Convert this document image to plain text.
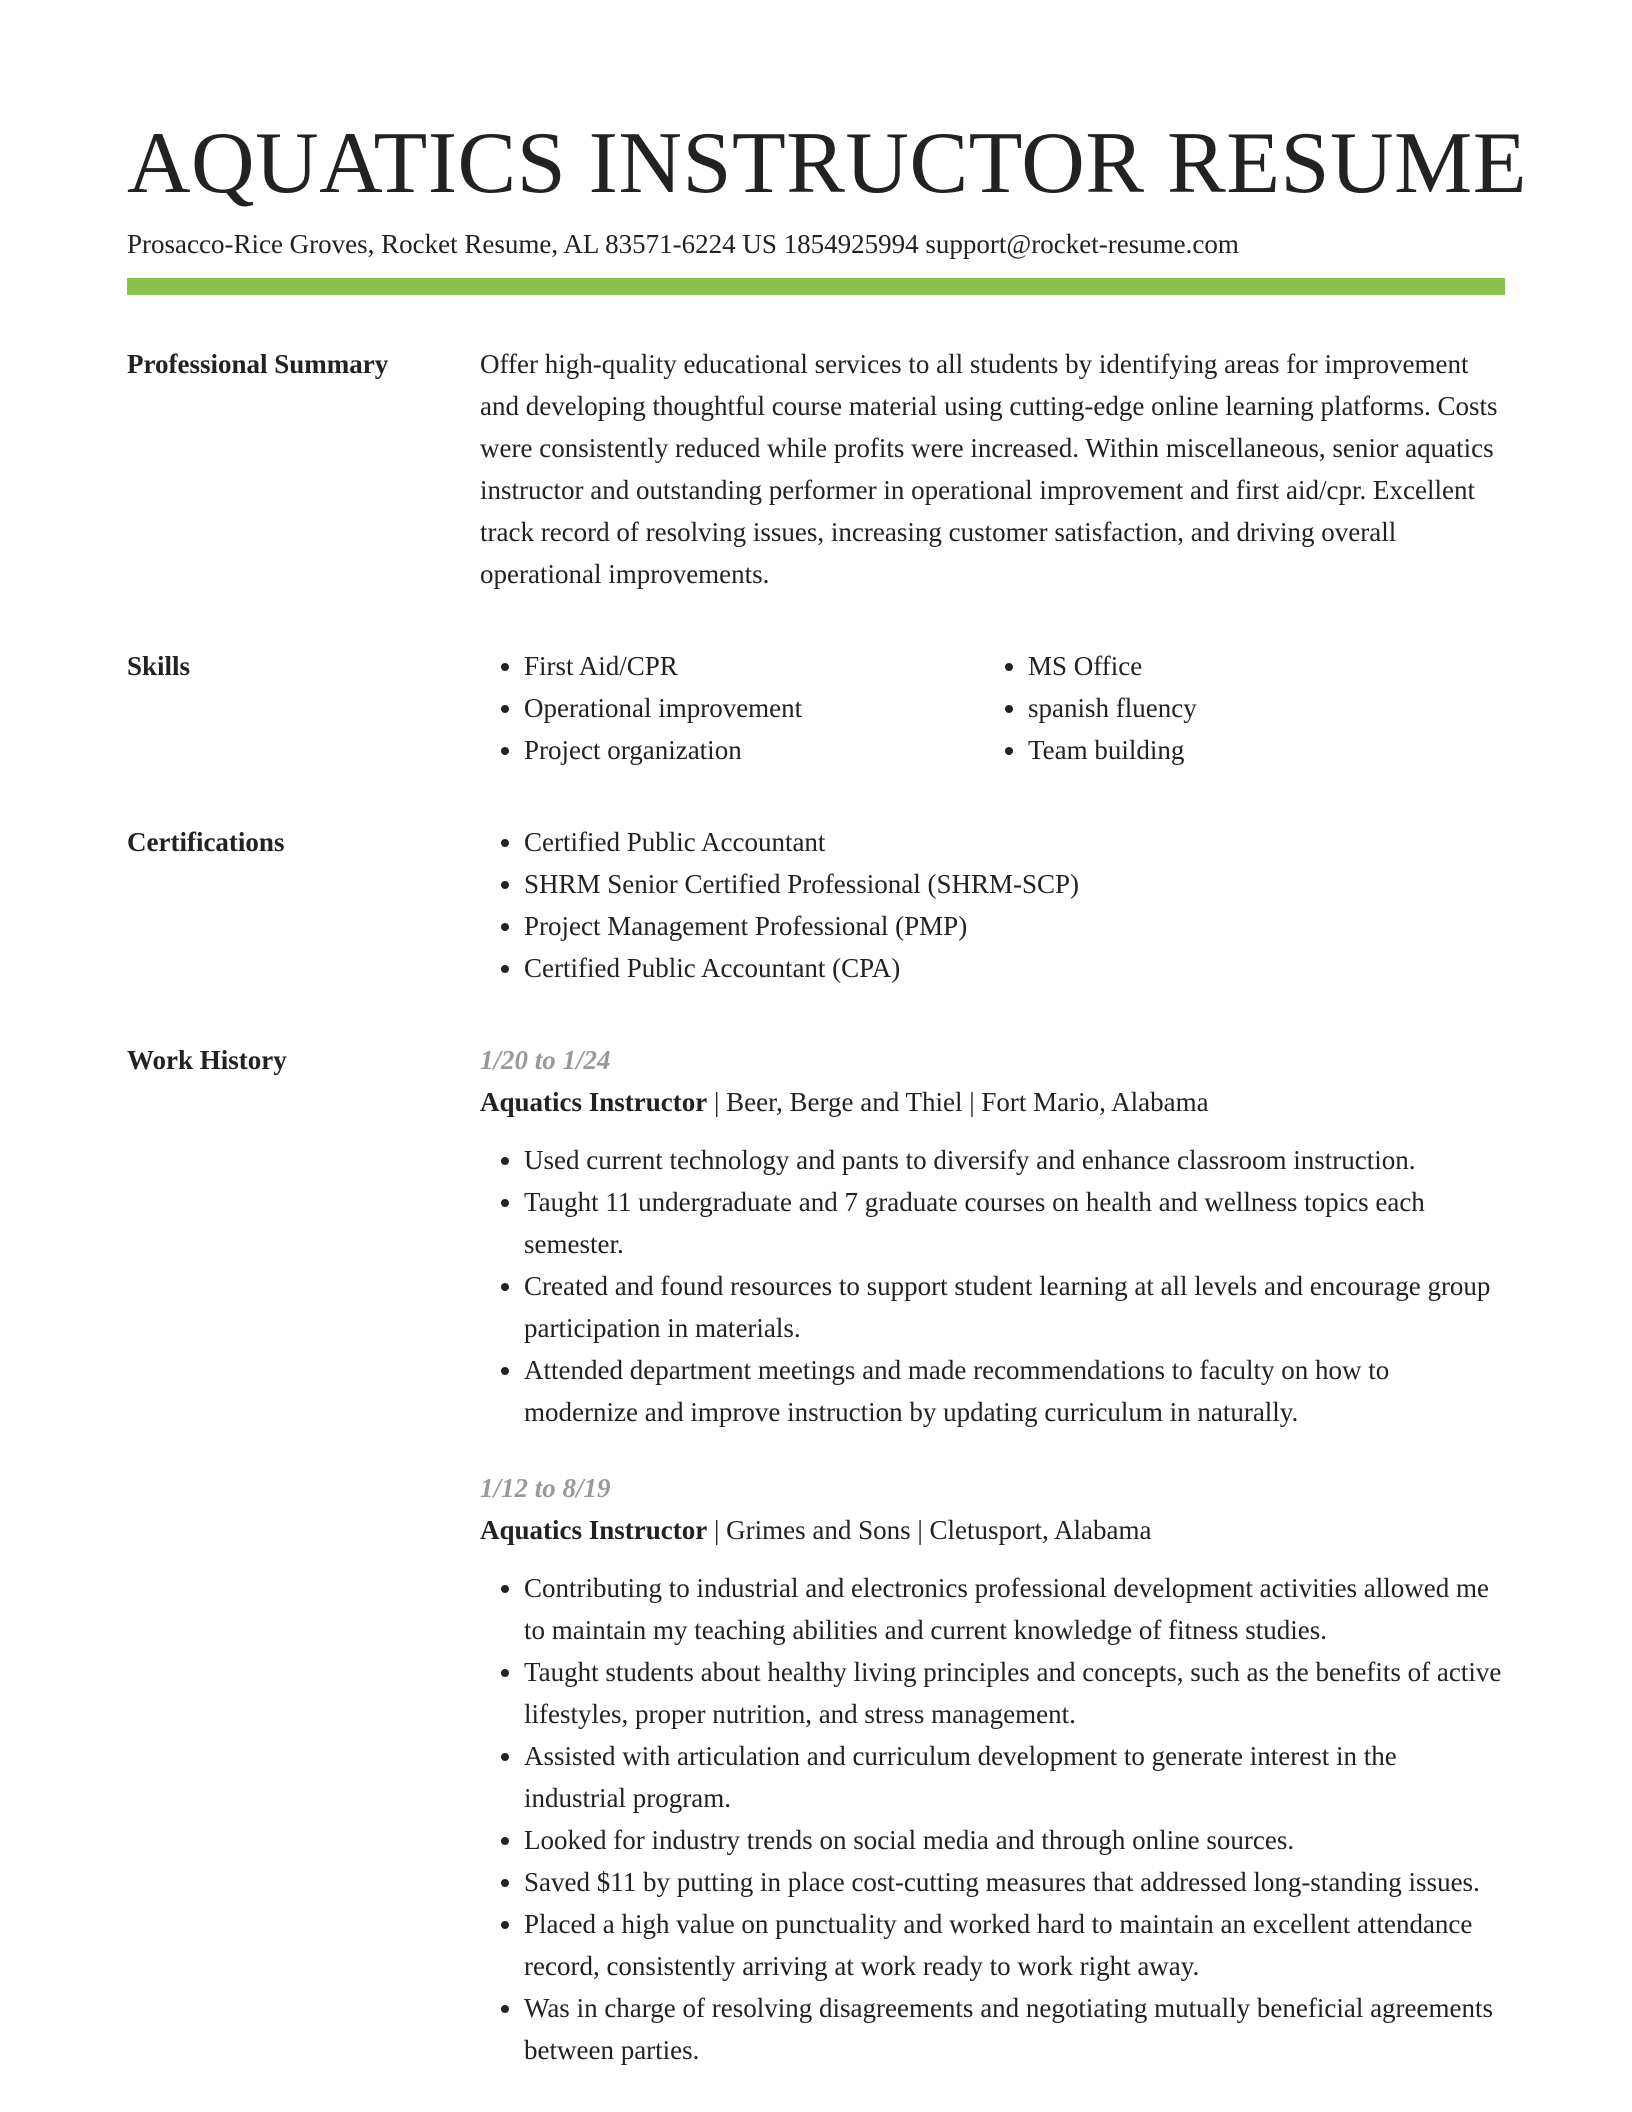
AQUATICS INSTRUCTOR RESUME
Prosacco-Rice Groves, Rocket Resume, AL 83571-6224 US 1854925994 support@rocket-resume.com
Professional Summary	Offer high-quality educational services to all students by identifying areas for improvement and developing thoughtful course material using cutting-edge online learning platforms. Costs were consistently reduced while profits were increased. Within miscellaneous, senior aquatics instructor and outstanding performer in operational improvement and first aid/cpr. Excellent track record of resolving issues, increasing customer satisfaction, and driving overall operational improvements.

Skills	• First Aid/CPR
• Operational improvement
• Project organization
• MS Office
• spanish fluency
• Team building
Certifications	• Certified Public Accountant
• SHRM Senior Certified Professional (SHRM-SCP)
• Project Management Professional (PMP)
• Certified Public Accountant (CPA)
Work History	1/20 to 1/24
Aquatics Instructor | Beer, Berge and Thiel | Fort Mario, Alabama
• Used current technology and pants to diversify and enhance classroom instruction.
• Taught 11 undergraduate and 7 graduate courses on health and wellness topics each semester.
• Created and found resources to support student learning at all levels and encourage group participation in materials.
• Attended department meetings and made recommendations to faculty on how to modernize and improve instruction by updating curriculum in naturally.
1/12 to 8/19
Aquatics Instructor | Grimes and Sons | Cletusport, Alabama
• Contributing to industrial and electronics professional development activities allowed me to maintain my teaching abilities and current knowledge of fitness studies.
• Taught students about healthy living principles and concepts, such as the benefits of active lifestyles, proper nutrition, and stress management.
• Assisted with articulation and curriculum development to generate interest in the industrial program.
• Looked for industry trends on social media and through online sources.
• Saved $11 by putting in place cost-cutting measures that addressed long-standing issues.
• Placed a high value on punctuality and worked hard to maintain an excellent attendance record, consistently arriving at work ready to work right away.
• Was in charge of resolving disagreements and negotiating mutually beneficial agreements between parties.
